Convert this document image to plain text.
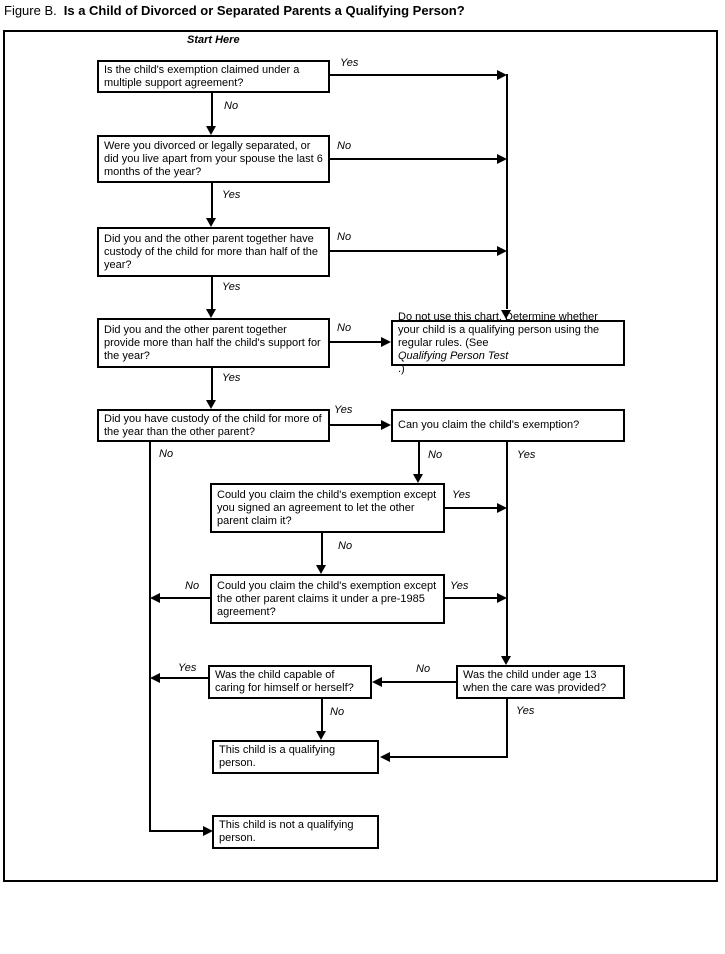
Figure B. Is a Child of Divorced or Separated Parents a Qualifying Person?
Start Here
Is the child's exemption claimed under a multiple support agreement?
Were you divorced or legally separated, or did you live apart from your spouse the last 6 months of the year?
Did you and the other parent together have custody of the child for more than half of the year?
Did you and the other parent together provide more than half the child's support for the year?
Do not use this chart. Determine whether your child is a qualifying person using the regular rules. (See
Qualifying Person Test
.)
Did you have custody of the child for more of the year than the other parent?
Can you claim the child's exemption?
Could you claim the child's exemption except you signed an agreement to let the other parent claim it?
Could you claim the child's exemption except the other parent claims it under a pre-1985 agreement?
Was the child capable of caring for himself or herself?
Was the child under age 13 when the care was provided?
This child is a qualifying person.
This child is not a qualifying person.
Yes
No
No
Yes
No
Yes
No
Yes
Yes
No	No	Yes
Yes
No
No	Yes
Yes	No
No	Yes
